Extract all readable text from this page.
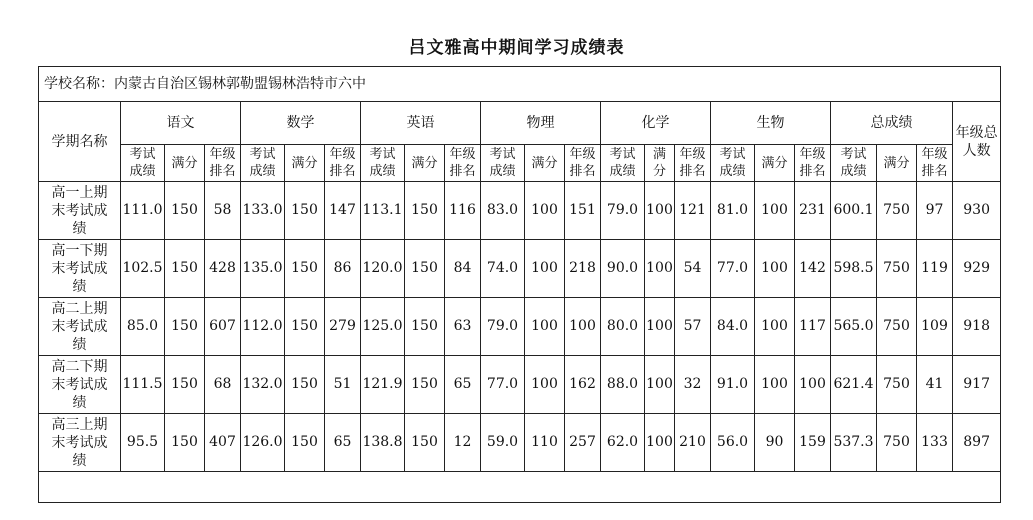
吕文雅高中期间学习成绩表
学校名称：内蒙古自治区锡林郭勒盟锡林浩特市六中																						
学期名称	语文			数学			英语			物理			化学			生物			总成绩			年级总人数
	考试成绩	满分	年级排名	考试成绩	满分	年级排名	考试成绩	满分	年级排名	考试成绩	满分	年级排名	考试成绩	满分	年级排名	考试成绩	满分	年级排名	考试成绩	满分	年级排名	
高一上期末考试成绩	111.0	150	58	133.0	150	147	113.1	150	116	83.0	100	151	79.0	100	121	81.0	100	231	600.1	750	97	930
高一下期末考试成绩	102.5	150	428	135.0	150	86	120.0	150	84	74.0	100	218	90.0	100	54	77.0	100	142	598.5	750	119	929
高二上期末考试成绩	85.0	150	607	112.0	150	279	125.0	150	63	79.0	100	100	80.0	100	57	84.0	100	117	565.0	750	109	918
高二下期末考试成绩	111.5	150	68	132.0	150	51	121.9	150	65	77.0	100	162	88.0	100	32	91.0	100	100	621.4	750	41	917
高三上期末考试成绩	95.5	150	407	126.0	150	65	138.8	150	12	59.0	110	257	62.0	100	210	56.0	90	159	537.3	750	133	897
